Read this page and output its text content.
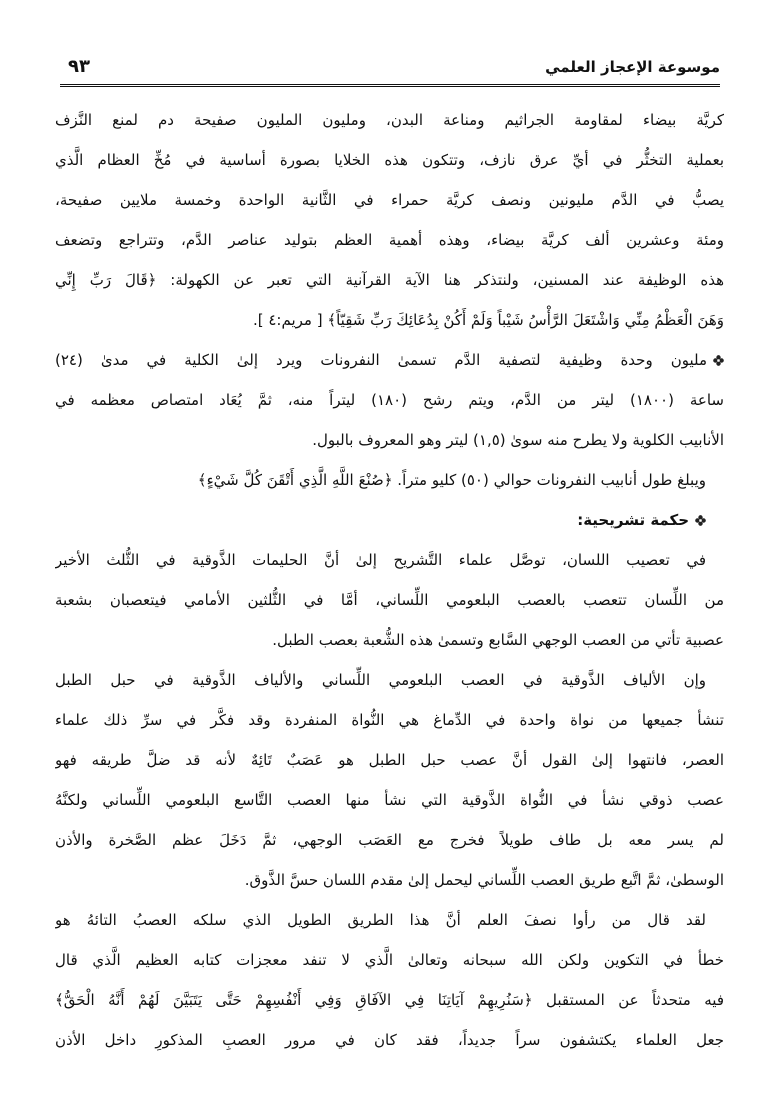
موسوعة الإعجاز العلمي
٩٣
كريَّة بيضاء لمقاومة الجراثيم ومناعة البدن، ومليون المليون صفيحة دم لمنع النَّزف
بعملية التخثُّر في أيِّ عرق نازف، وتتكون هذه الخلايا بصورة أساسية في مُخِّ العظام الَّذي
يصبُّ في الدَّم مليونين ونصف كريَّة حمراء في الثَّانية الواحدة وخمسة ملايين صفيحة،
ومئة وعشرين ألف كريَّة بيضاء، وهذه أهمية العظم بتوليد عناصر الدَّم، وتتراجع وتضعف
هذه الوظيفة عند المسنين، ولنتذكر هنا الآية القرآنية التي تعبر عن الكهولة: ﴿قَالَ رَبِّ إِنِّي
وَهَنَ الْعَظْمُ مِنِّي وَاشْتَعَلَ الرَّأْسُ شَيْباً وَلَمْ أَكُنْ بِدُعَائِكَ رَبِّ شَقِيّاً﴾ [ مريم:٤ ].
مليون وحدة وظيفية لتصفية الدَّم تسمىٰ النفرونات ويرد إلىٰ الكلية في مدىٰ (٢٤)
ساعة (١٨٠٠) ليتر من الدَّم، ويتم رشح (١٨٠) ليتراً منه، ثمَّ يُعَاد امتصاص معظمه في
الأنابيب الكلوية ولا يطرح منه سوىٰ (١,٥) ليتر وهو المعروف بالبول.
ويبلغ طول أنابيب النفرونات حوالي (٥٠) كليو متراً. ﴿صُنْعَ اللَّهِ الَّذِي أَتْقَنَ كُلَّ شَيْءٍ﴾
حكمة تشريحية:
في تعصيب اللسان، توصَّل علماء التَّشريح إلىٰ أنَّ الحليمات الذَّوقية في الثُّلث الأخير
من اللِّسان تتعصب بالعصب البلعومي اللِّساني، أمَّا في الثُّلثين الأمامي فيتعصبان بشعبة
عصبية تأتي من العصب الوجهي السَّابع وتسمىٰ هذه الشُّعبة بعصب الطبل.
وإن الألياف الذَّوقية في العصب البلعومي اللِّساني والألياف الذَّوقية في حبل الطبل
تنشأ جميعها من نواة واحدة في الدِّماغ هي النُّواة المنفردة وقد فكَّر في سرِّ ذلك علماء
العصر، فانتهوا إلىٰ القول أنَّ عصب حبل الطبل هو عَصَبٌ تَائِهٌ لأنه قد ضلَّ طريقه فهو
عصب ذوقي نشأ في النُّواة الذَّوقية التي نشأ منها العصب التَّاسع البلعومي اللِّساني ولكنَّهُ
لم يسر معه بل طاف طويلاً فخرج مع العَصَب الوجهي، ثمَّ دَخَلَ عظم الصَّخرة والأذن
الوسطىٰ، ثمَّ اتَّبع طريق العصب اللِّساني ليحمل إلىٰ مقدم اللسان حسَّ الذَّوق.
لقد قال من رأوا نصفَ العلم أنَّ هذا الطريق الطويل الذي سلكه العصبُ التائهُ هو
خطأ في التكوين ولكن الله سبحانه وتعالىٰ الَّذي لا تنفد معجزات كتابه العظيم الَّذي قال
فيه متحدثاً عن المستقبل ﴿سَنُرِيهِمْ آيَاتِنَا فِي الآفَاقِ وَفِي أَنْفُسِهِمْ حَتَّى يَتَبَيَّنَ لَهُمْ أَنَّهُ الْحَقُّ﴾
جعل العلماء يكتشفون سراً جديداً، فقد كان في مرور العصبِ المذكورِ داخل الأذن
